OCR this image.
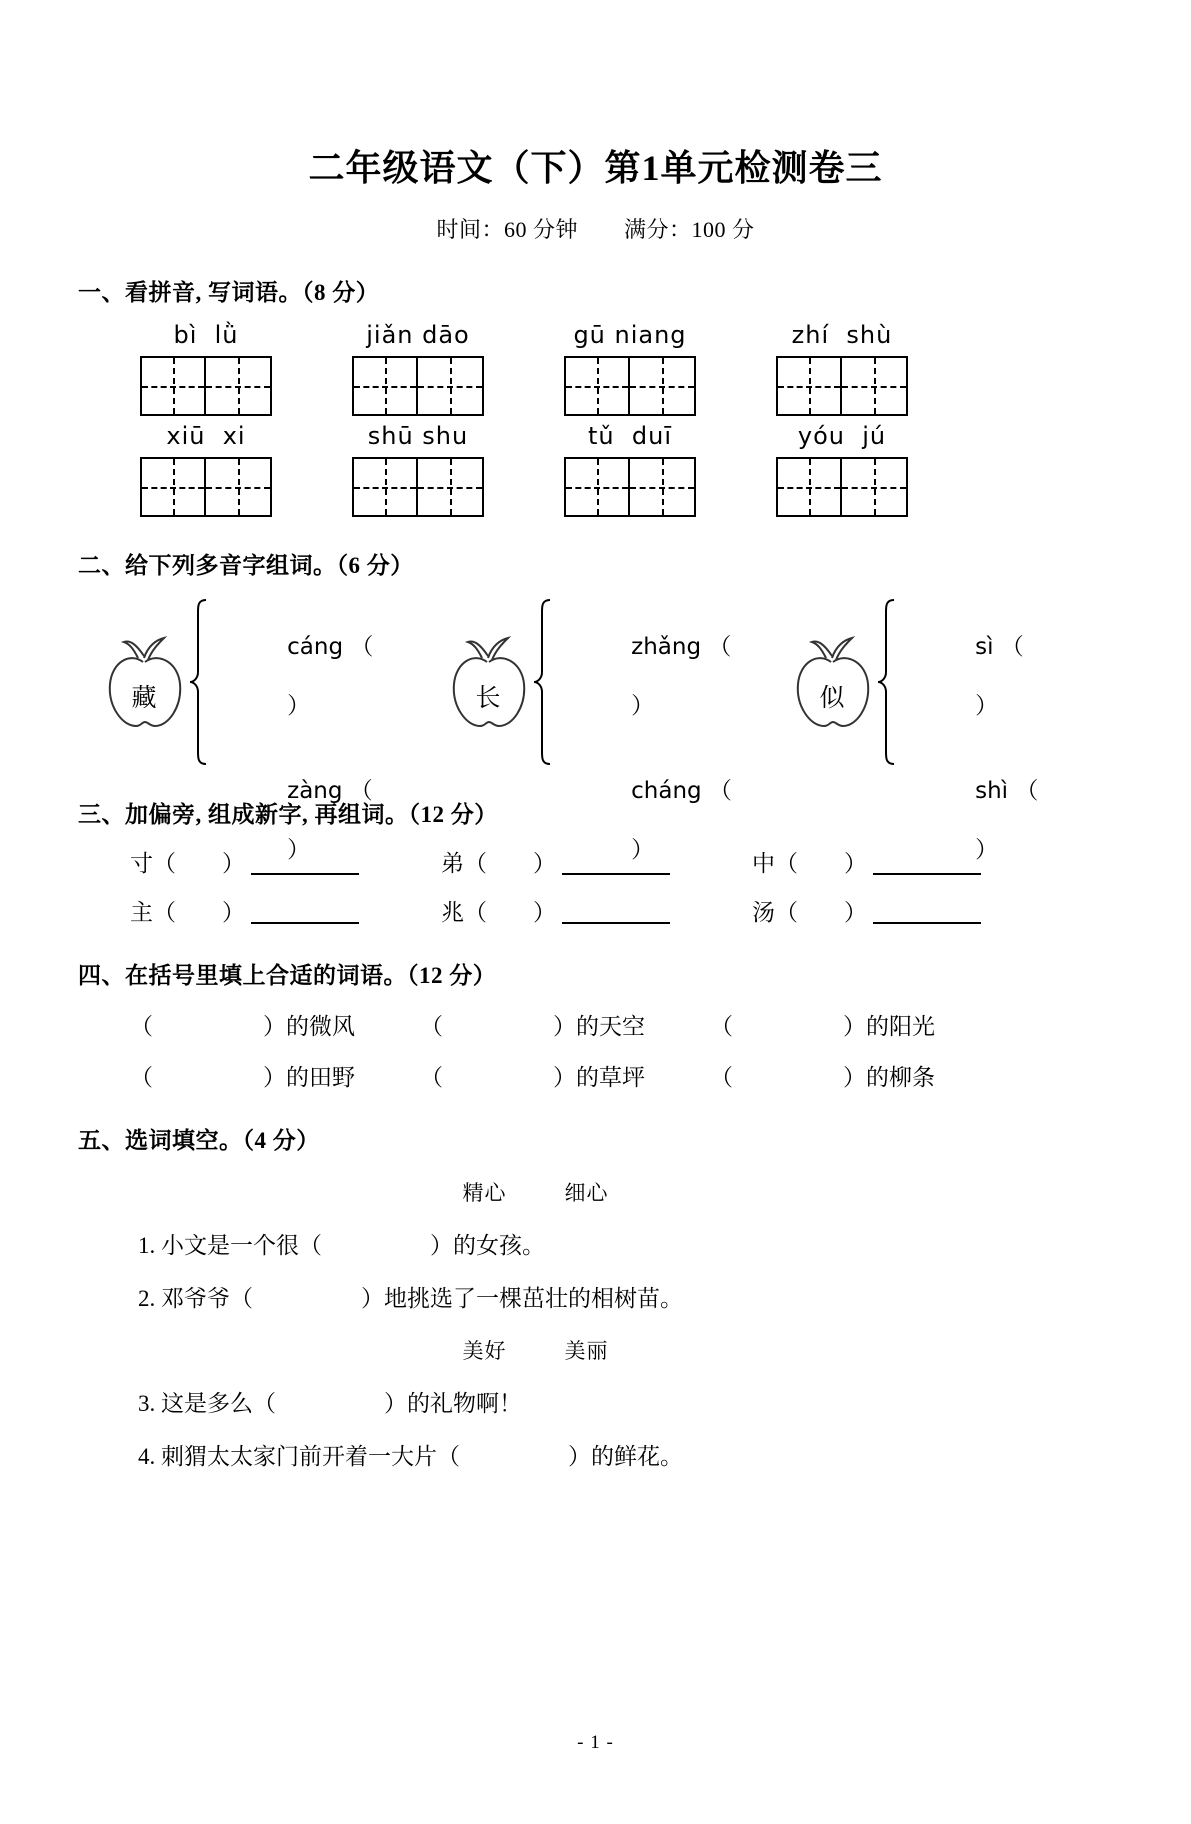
二年级语文（下）第1单元检测卷三
时间：60 分钟 满分：100 分
一、看拼音, 写词语。（8 分）
bì  lǜ	jiǎn dāo	gū niang	zhí  shù
xiū  xi	shū shu	tǔ  duī	yóu  jú
二、给下列多音字组词。（6 分）
藏

cáng （

）

zàng （

）

长

zhǎng （

）

cháng （

）

似

sì （

）

shì （

）

三、加偏旁, 组成新字, 再组词。（12 分）
寸（　　）	弟（　　）	中（　　）
主（　　）	兆（　　）	汤（　　）
四、在括号里填上合适的词语。（12 分）
（	）的微风	（	）的天空	（	）的阳光
（	）的田野	（	）的草坪	（	）的柳条
五、选词填空。（4 分）
精心	细心
1. 小文是一个很（	）的女孩。
2. 邓爷爷（	）地挑选了一棵茁壮的相树苗。
美好	美丽
3. 这是多么（	）的礼物啊！
4. 刺猬太太家门前开着一大片（	）的鲜花。
- 1 -
